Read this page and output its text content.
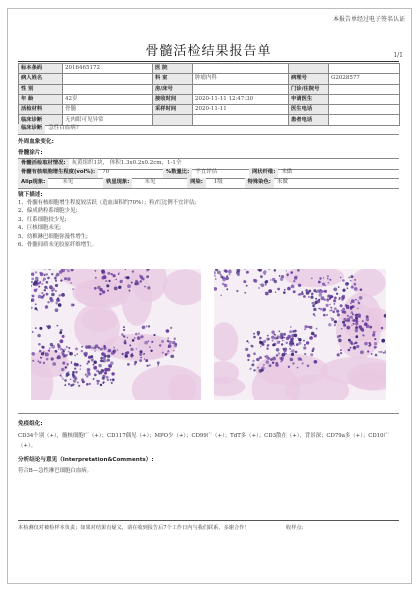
本报告单经过电子签名认证
骨髓活检结果报告单	1/1
标本条码	2016465172	医 院			
病人姓名		科 室	肿瘤内科	病理号	G2028577
性 别		房/床号		门诊/住院号	
年 龄	42岁	接收时间	2020-11-11 12:47:30	申请医生	
活检材料	骨髓	采样时间	2020-11-11	医生电话	
临床诊断	无肉眼可见异常			患者电话	
临床诊断 急性白血病?
外周血象变化:
骨髓涂片:
骨髓活检取材情况: 灰黄组织1块， 体积1.3x0.2x0.2cm，1-1全
骨髓有核细胞增生程度(vol%): 70	%数量比: 不宜评估	网状纤维: 未做
Alip现象:	未见	铁星现象:	未见	网染: 1级	特殊染色: 未做
镜下描述:
1、骨髓有核细胞增生程度较活跃（造血面积约70%）；粒/红比例不宜评估;
2、偏成熟粒系细胞少见;
3、红系细胞较少见;
4、巨核细胞未见;
5、幼稚淋巴细胞弥漫性增生;
6、骨髓间质未见胶原纤维增生。
免疫组化:
CD34个别（+），髓核细胞广（+）；CD117偶见（+）；MPO少（+）；CD99广（+）；TdT多（+）；CD3散在（+），背景深；CD79a多（+）；CD10广（+）。
分析结论与意见（Interpretation&Comments）:
符合B—急性淋巴细胞白血病。
本检测仅对被检样本负责；如果对结果有疑义，请在收到报告后7个工作日内与我们联系，多谢合作！	收样点:
